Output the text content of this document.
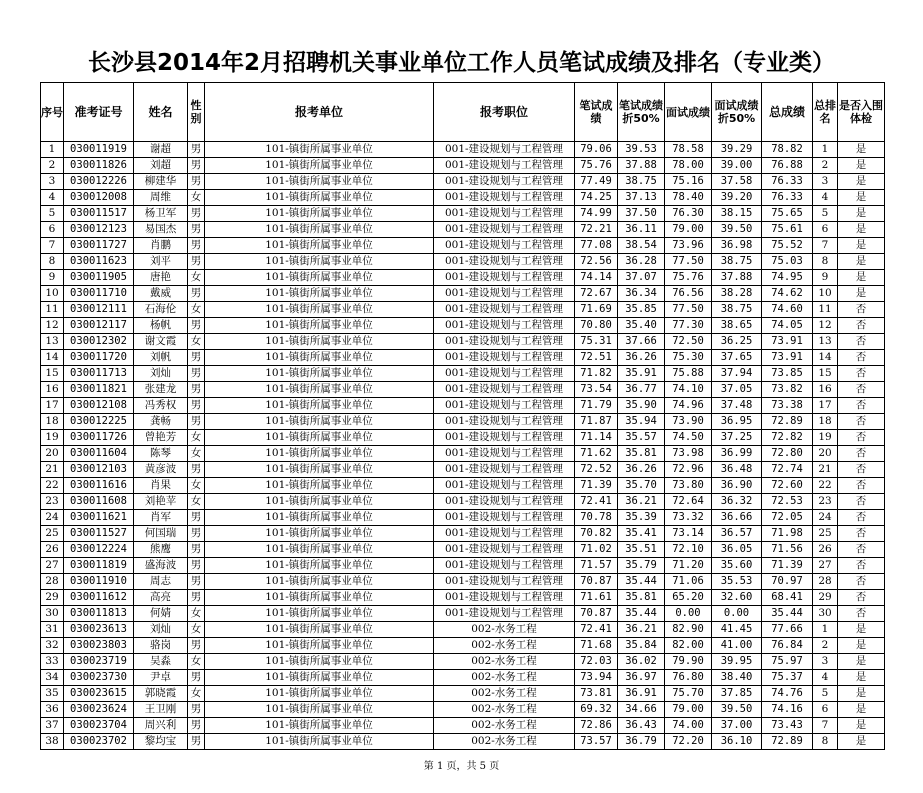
长沙县2014年2月招聘机关事业单位工作人员笔试成绩及排名（专业类）
序号	准考证号	姓名	性别	报考单位	报考职位	笔试成绩	笔试成绩折50%	面试成绩	面试成绩折50%	总成绩	总排名	是否入围体检
1	030011919	谢超	男	101-镇街所属事业单位	001-建设规划与工程管理	79.06	39.53	78.58	39.29	78.82	1	是
2	030011826	刘超	男	101-镇街所属事业单位	001-建设规划与工程管理	75.76	37.88	78.00	39.00	76.88	2	是
3	030012226	柳建华	男	101-镇街所属事业单位	001-建设规划与工程管理	77.49	38.75	75.16	37.58	76.33	3	是
4	030012008	周维	女	101-镇街所属事业单位	001-建设规划与工程管理	74.25	37.13	78.40	39.20	76.33	4	是
5	030011517	杨卫军	男	101-镇街所属事业单位	001-建设规划与工程管理	74.99	37.50	76.30	38.15	75.65	5	是
6	030012123	易国杰	男	101-镇街所属事业单位	001-建设规划与工程管理	72.21	36.11	79.00	39.50	75.61	6	是
7	030011727	肖鹏	男	101-镇街所属事业单位	001-建设规划与工程管理	77.08	38.54	73.96	36.98	75.52	7	是
8	030011623	刘平	男	101-镇街所属事业单位	001-建设规划与工程管理	72.56	36.28	77.50	38.75	75.03	8	是
9	030011905	唐艳	女	101-镇街所属事业单位	001-建设规划与工程管理	74.14	37.07	75.76	37.88	74.95	9	是
10	030011710	戴威	男	101-镇街所属事业单位	001-建设规划与工程管理	72.67	36.34	76.56	38.28	74.62	10	是
11	030012111	石海伦	女	101-镇街所属事业单位	001-建设规划与工程管理	71.69	35.85	77.50	38.75	74.60	11	否
12	030012117	杨帆	男	101-镇街所属事业单位	001-建设规划与工程管理	70.80	35.40	77.30	38.65	74.05	12	否
13	030012302	谢文霞	女	101-镇街所属事业单位	001-建设规划与工程管理	75.31	37.66	72.50	36.25	73.91	13	否
14	030011720	刘帆	男	101-镇街所属事业单位	001-建设规划与工程管理	72.51	36.26	75.30	37.65	73.91	14	否
15	030011713	刘灿	男	101-镇街所属事业单位	001-建设规划与工程管理	71.82	35.91	75.88	37.94	73.85	15	否
16	030011821	张建龙	男	101-镇街所属事业单位	001-建设规划与工程管理	73.54	36.77	74.10	37.05	73.82	16	否
17	030012108	冯秀权	男	101-镇街所属事业单位	001-建设规划与工程管理	71.79	35.90	74.96	37.48	73.38	17	否
18	030012225	龚畅	男	101-镇街所属事业单位	001-建设规划与工程管理	71.87	35.94	73.90	36.95	72.89	18	否
19	030011726	曾艳芳	女	101-镇街所属事业单位	001-建设规划与工程管理	71.14	35.57	74.50	37.25	72.82	19	否
20	030011604	陈琴	女	101-镇街所属事业单位	001-建设规划与工程管理	71.62	35.81	73.98	36.99	72.80	20	否
21	030012103	黄彦波	男	101-镇街所属事业单位	001-建设规划与工程管理	72.52	36.26	72.96	36.48	72.74	21	否
22	030011616	肖果	女	101-镇街所属事业单位	001-建设规划与工程管理	71.39	35.70	73.80	36.90	72.60	22	否
23	030011608	刘艳苹	女	101-镇街所属事业单位	001-建设规划与工程管理	72.41	36.21	72.64	36.32	72.53	23	否
24	030011621	肖军	男	101-镇街所属事业单位	001-建设规划与工程管理	70.78	35.39	73.32	36.66	72.05	24	否
25	030011527	何国瑞	男	101-镇街所属事业单位	001-建设规划与工程管理	70.82	35.41	73.14	36.57	71.98	25	否
26	030012224	熊鹰	男	101-镇街所属事业单位	001-建设规划与工程管理	71.02	35.51	72.10	36.05	71.56	26	否
27	030011819	盛海波	男	101-镇街所属事业单位	001-建设规划与工程管理	71.57	35.79	71.20	35.60	71.39	27	否
28	030011910	周志	男	101-镇街所属事业单位	001-建设规划与工程管理	70.87	35.44	71.06	35.53	70.97	28	否
29	030011612	高亮	男	101-镇街所属事业单位	001-建设规划与工程管理	71.61	35.81	65.20	32.60	68.41	29	否
30	030011813	何婧	女	101-镇街所属事业单位	001-建设规划与工程管理	70.87	35.44	0.00	0.00	35.44	30	否
31	030023613	刘灿	女	101-镇街所属事业单位	002-水务工程	72.41	36.21	82.90	41.45	77.66	1	是
32	030023803	骆岗	男	101-镇街所属事业单位	002-水务工程	71.68	35.84	82.00	41.00	76.84	2	是
33	030023719	吴淼	女	101-镇街所属事业单位	002-水务工程	72.03	36.02	79.90	39.95	75.97	3	是
34	030023730	尹卓	男	101-镇街所属事业单位	002-水务工程	73.94	36.97	76.80	38.40	75.37	4	是
35	030023615	郭晓霞	女	101-镇街所属事业单位	002-水务工程	73.81	36.91	75.70	37.85	74.76	5	是
36	030023624	王卫刚	男	101-镇街所属事业单位	002-水务工程	69.32	34.66	79.00	39.50	74.16	6	是
37	030023704	周兴利	男	101-镇街所属事业单位	002-水务工程	72.86	36.43	74.00	37.00	73.43	7	是
38	030023702	黎均宝	男	101-镇街所属事业单位	002-水务工程	73.57	36.79	72.20	36.10	72.89	8	是
第 1 页，共 5 页
